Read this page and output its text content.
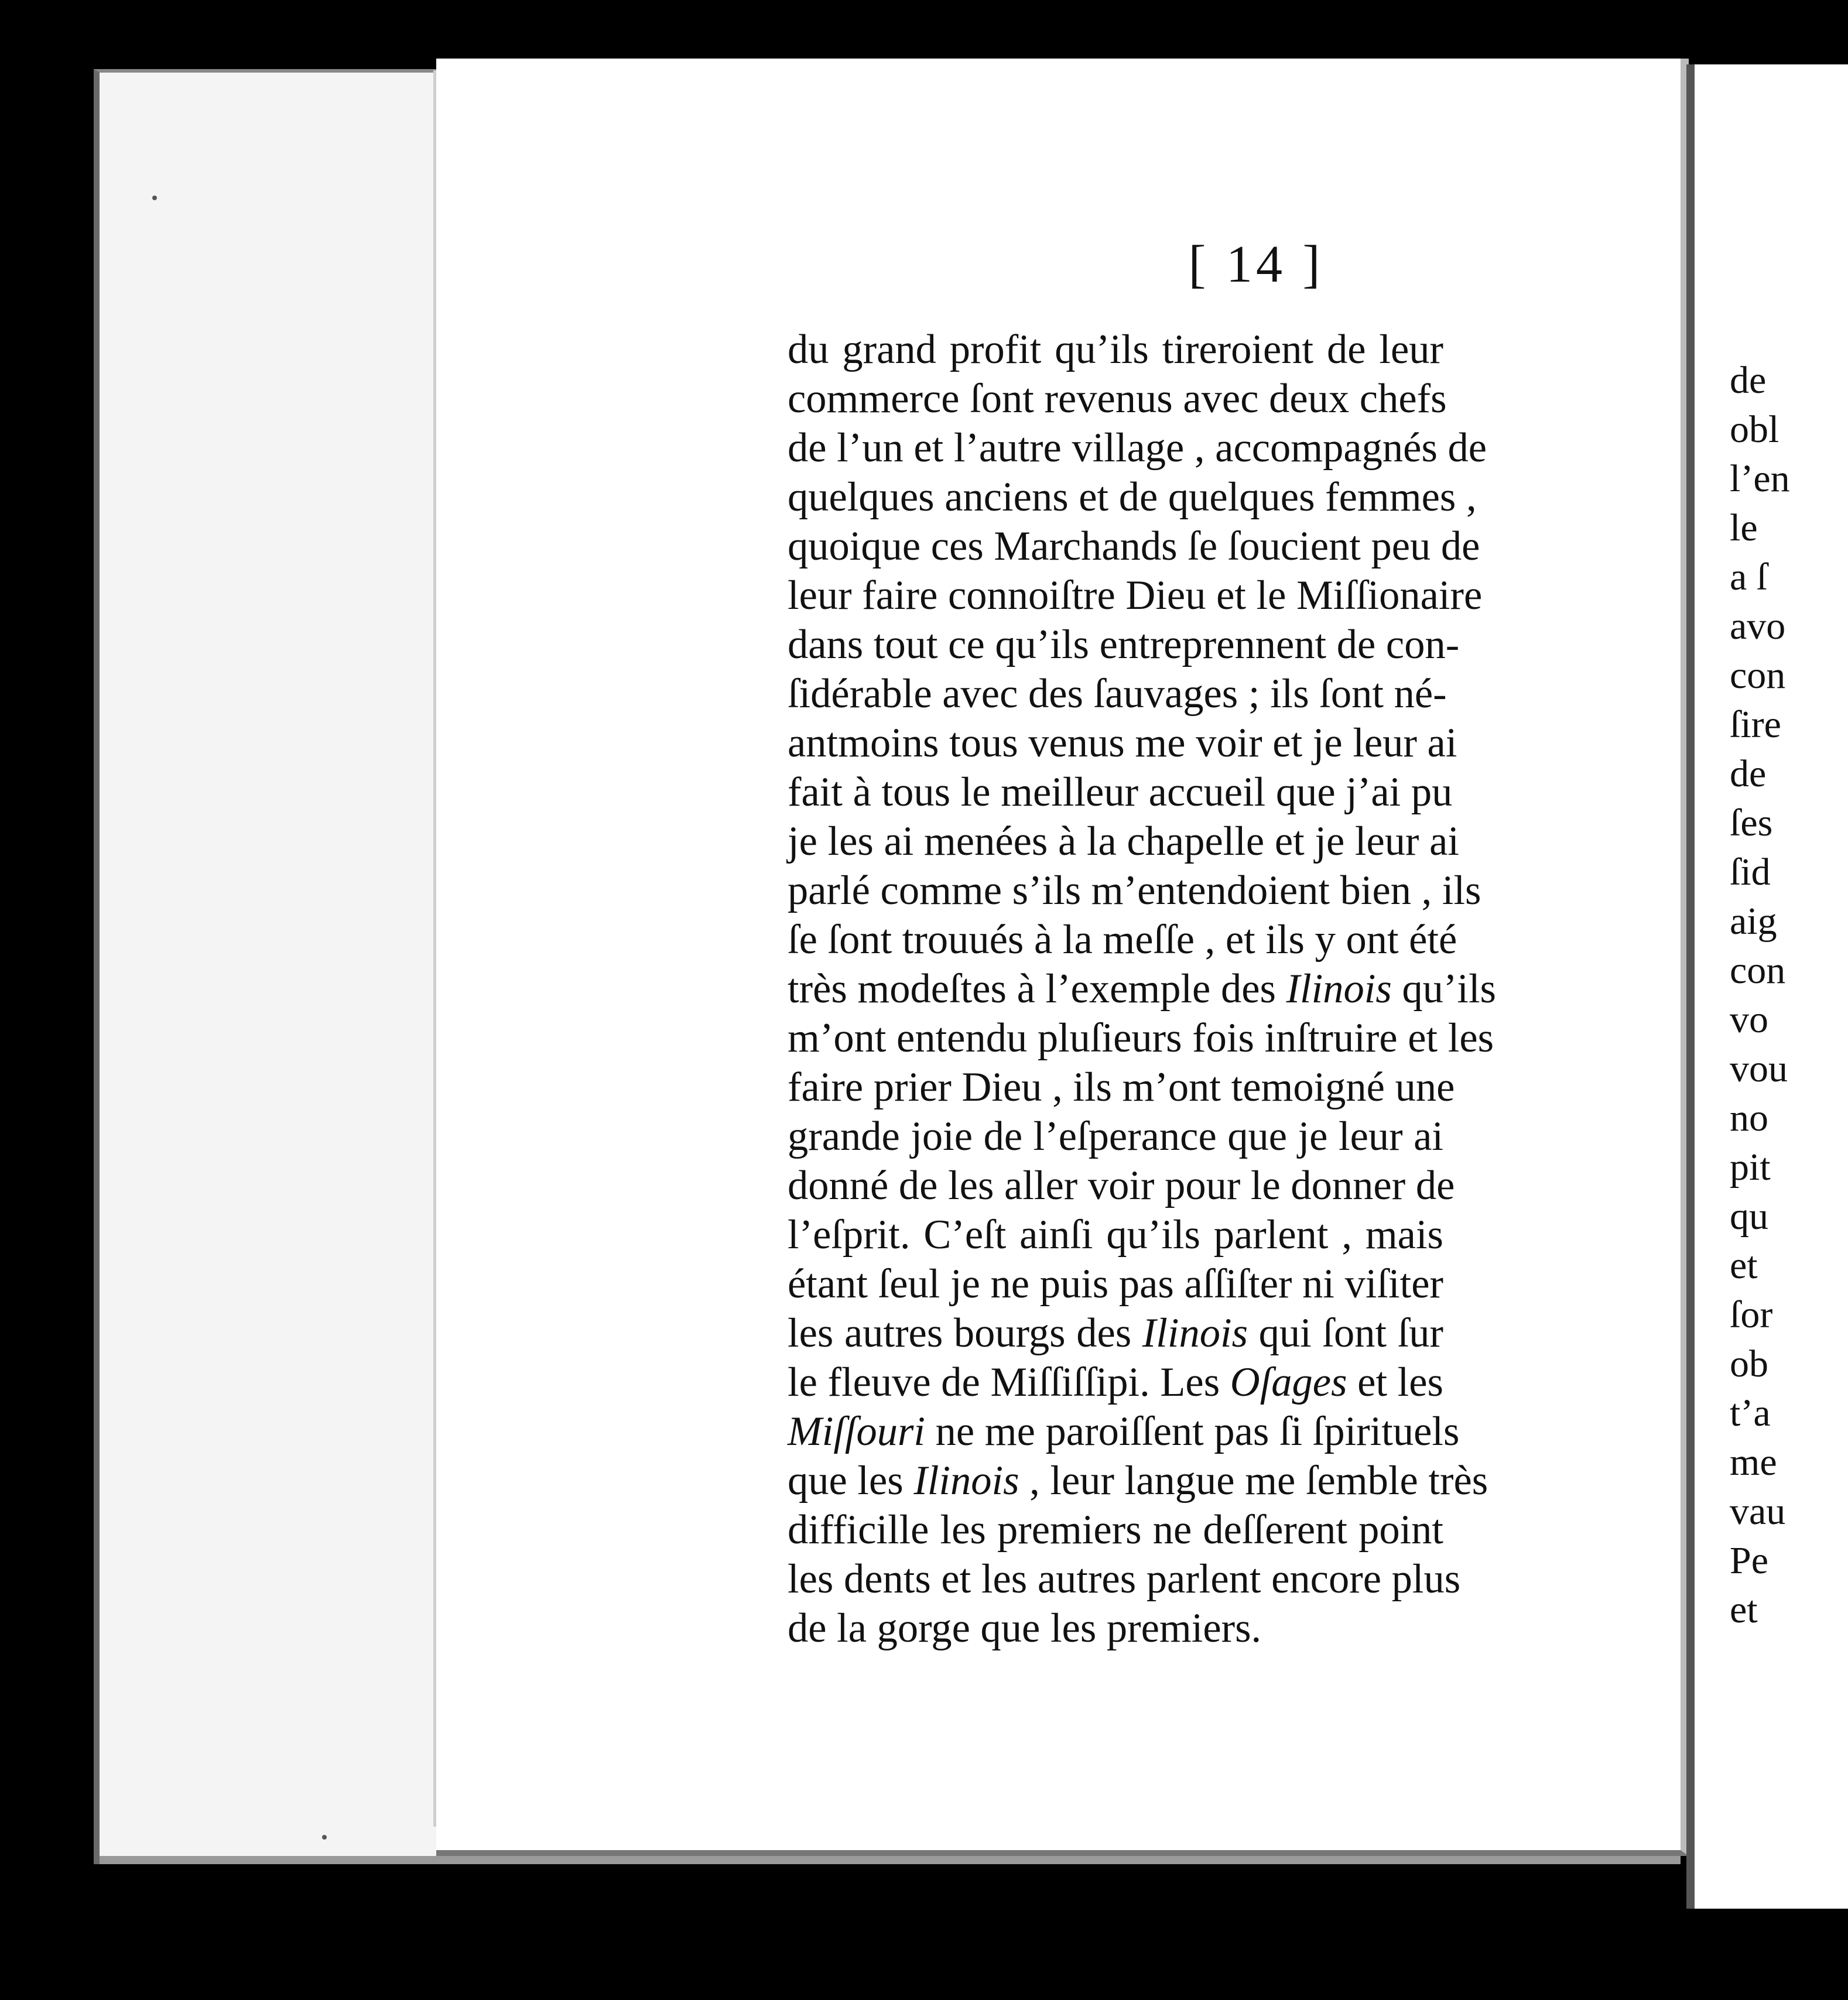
[ 14 ]
du grand profit qu’ils tireroient de leur
commerce ſont revenus avec deux chefs
de l’un et l’autre village , accompagnés de
quelques anciens et de quelques femmes ,
quoique ces Marchands ſe ſoucient peu de
leur faire connoiſtre Dieu et le Miſſionaire
dans tout ce qu’ils entreprennent de con-
ſidérable avec des ſauvages ; ils ſont né-
antmoins tous venus me voir et je leur ai
fait à tous le meilleur accueil que j’ai pu
je les ai menées à la chapelle et je leur ai
parlé comme s’ils m’entendoient bien , ils
ſe ſont trouués à la meſſe , et ils y ont été
très modeſtes à l’exemple des Ilinois qu’ils
m’ont entendu pluſieurs fois inſtruire et les
faire prier Dieu , ils m’ont temoigné une
grande joie de l’eſperance que je leur ai
donné de les aller voir pour le donner de
l’eſprit. C’eſt ainſi qu’ils parlent , mais
étant ſeul je ne puis pas aſſiſter ni viſiter
les autres bourgs des Ilinois qui ſont ſur
le fleuve de Miſſiſſipi. Les Oſages et les
Miſſouri ne me paroiſſent pas ſi ſpirituels
que les Ilinois , leur langue me ſemble très
difficille les premiers ne deſſerent point
les dents et les autres parlent encore plus
de la gorge que les premiers.
de
obl
l’en
le
a ſ
avo
con
ſire
de
ſes
ſid
aig
con
vo
vou
no
pit
qu
et
ſor
ob
t’a
me
vau
Pe
et
